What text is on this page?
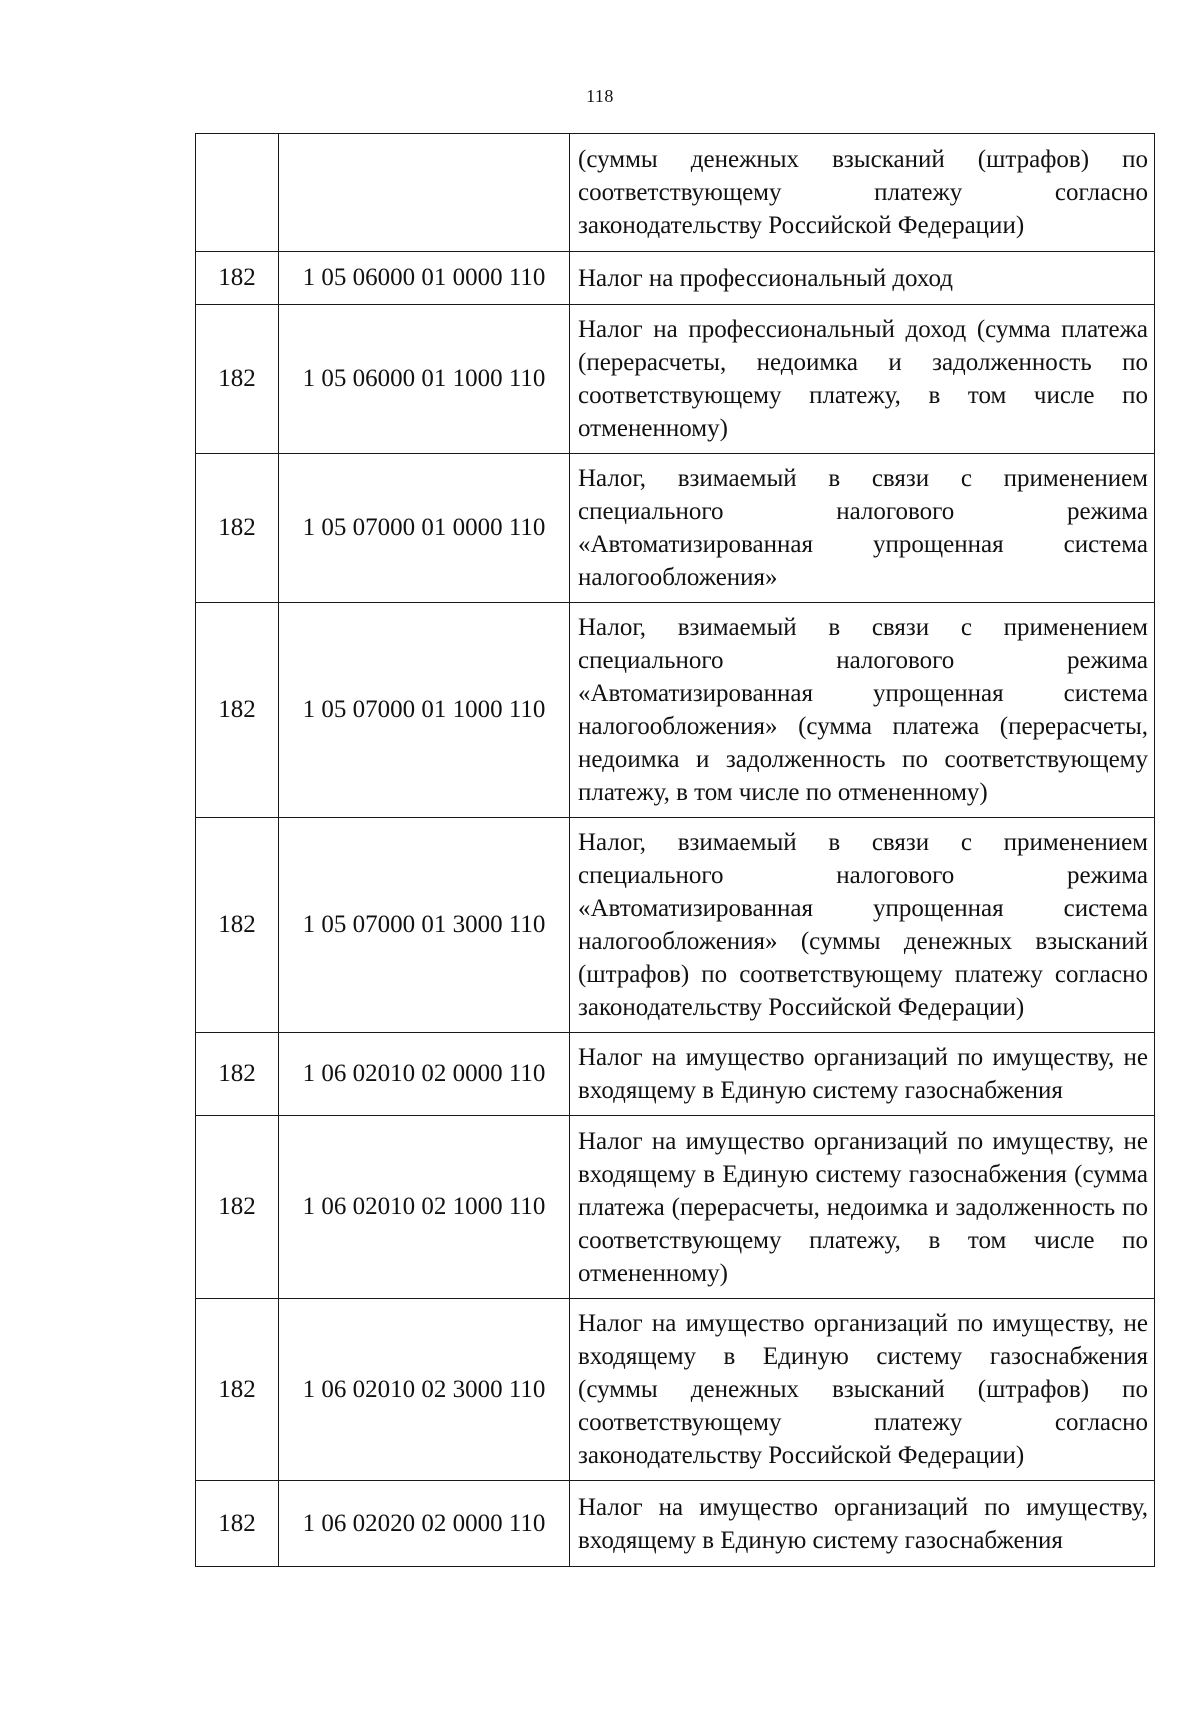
118
		(суммы денежных взысканий (штрафов) по соответствующему платежу согласно законодательству Российской Федерации)
182	1 05 06000 01 0000 110	Налог на профессиональный доход
182	1 05 06000 01 1000 110	Налог на профессиональный доход (сумма платежа (перерасчеты, недоимка и задолженность по соответствующему платежу, в том числе по отмененному)
182	1 05 07000 01 0000 110	Налог, взимаемый в связи с применением специального налогового режима «Автоматизированная упрощенная система налогообложения»
182	1 05 07000 01 1000 110	Налог, взимаемый в связи с применением специального налогового режима «Автоматизированная упрощенная система налогообложения» (сумма платежа (перерасчеты, недоимка и задолженность по соответствующему платежу, в том числе по отмененному)
182	1 05 07000 01 3000 110	Налог, взимаемый в связи с применением специального налогового режима «Автоматизированная упрощенная система налогообложения» (суммы денежных взысканий (штрафов) по соответствующему платежу согласно законодательству Российской Федерации)
182	1 06 02010 02 0000 110	Налог на имущество организаций по имуществу, не входящему в Единую систему газоснабжения
182	1 06 02010 02 1000 110	Налог на имущество организаций по имуществу, не входящему в Единую систему газоснабжения (сумма платежа (перерасчеты, недоимка и задолженность по соответствующему платежу, в том числе по отмененному)
182	1 06 02010 02 3000 110	Налог на имущество организаций по имуществу, не входящему в Единую систему газоснабжения (суммы денежных взысканий (штрафов) по соответствующему платежу согласно законодательству Российской Федерации)
182	1 06 02020 02 0000 110	Налог на имущество организаций по имуществу, входящему в Единую систему газоснабжения
